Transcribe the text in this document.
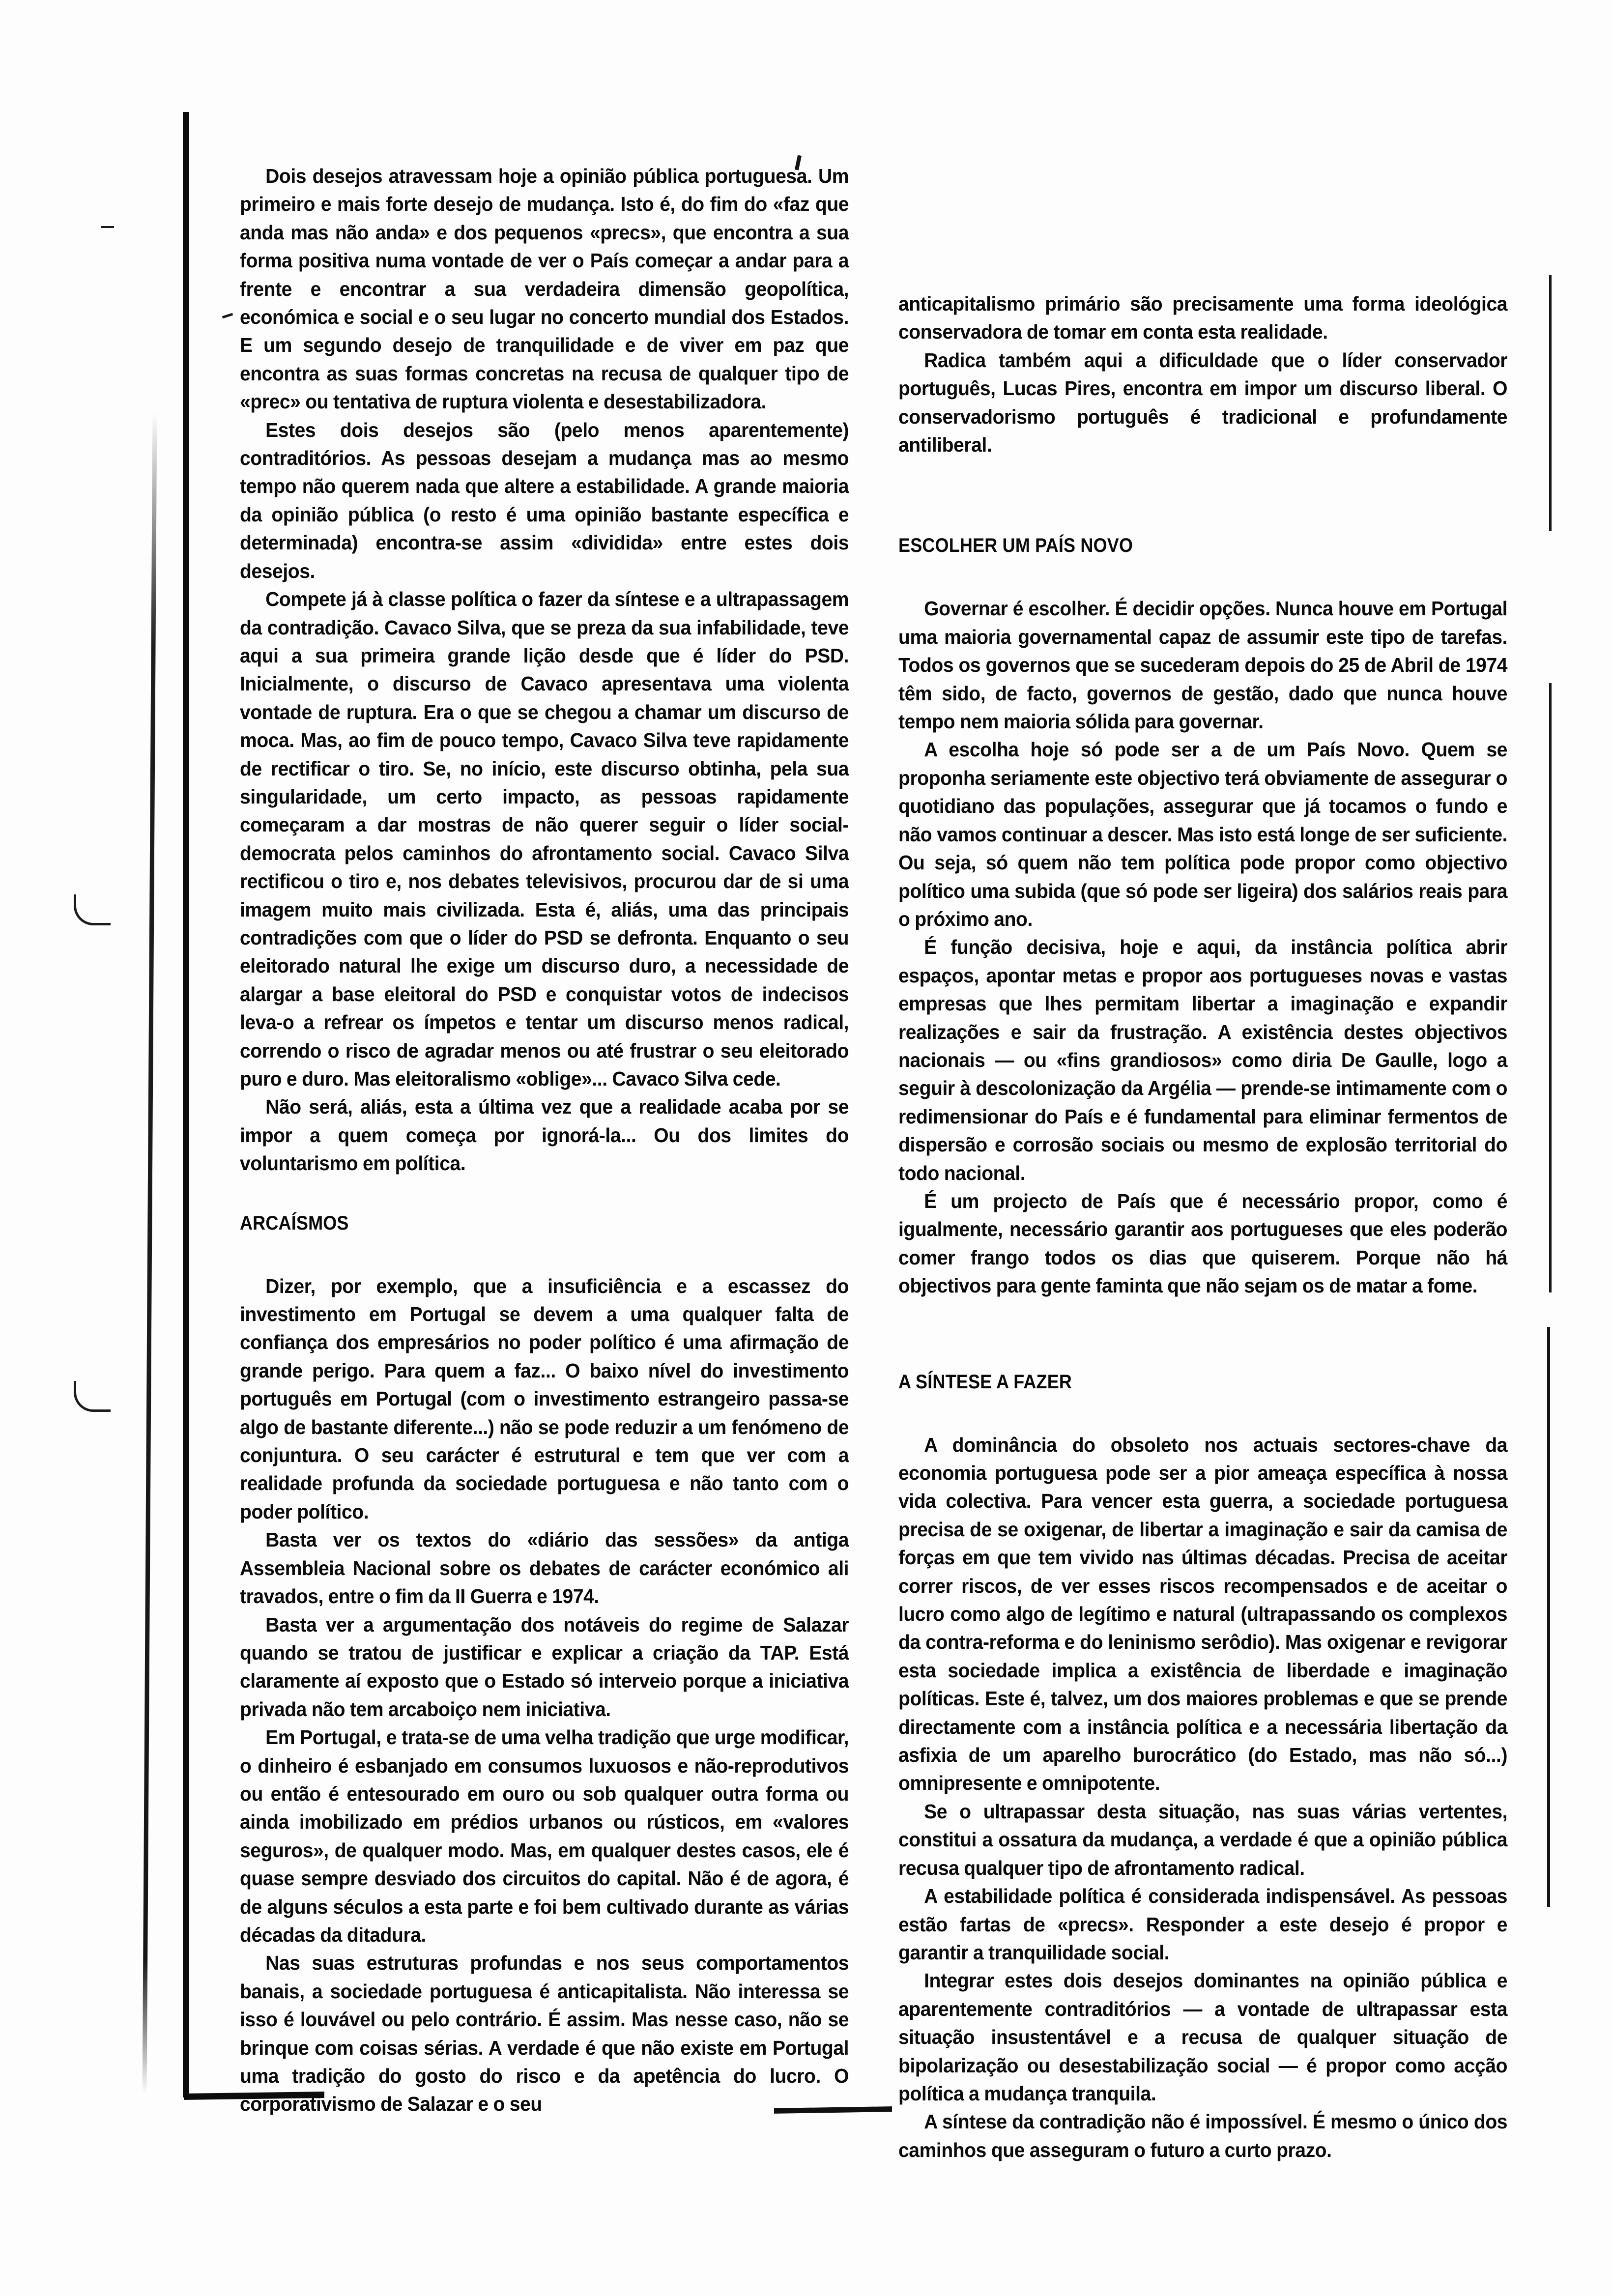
Dois desejos atravessam hoje a opinião pública portuguesa. Um primeiro e mais forte desejo de mudança. Isto é, do fim do «faz que anda mas não anda» e dos pequenos «precs», que encontra a sua forma positiva numa vontade de ver o País começar a andar para a frente e encontrar a sua verdadeira dimensão geopolítica, económica e social e o seu lugar no concerto mundial dos Estados. E um segundo desejo de tranquilidade e de viver em paz que encontra as suas formas concretas na recusa de qualquer tipo de «prec» ou tentativa de ruptura violenta e desestabilizadora.

Estes dois desejos são (pelo menos aparentemente) contraditórios. As pessoas desejam a mudança mas ao mesmo tempo não querem nada que altere a estabilidade. A grande maioria da opinião pública (o resto é uma opinião bastante específica e determinada) encontra-se assim «dividida» entre estes dois desejos.

Compete já à classe política o fazer da síntese e a ultrapassagem da contradição. Cavaco Silva, que se preza da sua infabilidade, teve aqui a sua primeira grande lição desde que é líder do PSD. Inicialmente, o discurso de Cavaco apresentava uma violenta vontade de ruptura. Era o que se chegou a chamar um discurso de moca. Mas, ao fim de pouco tempo, Cavaco Silva teve rapidamente de rectificar o tiro. Se, no início, este discurso obtinha, pela sua singularidade, um certo impacto, as pessoas rapidamente começaram a dar mostras de não querer seguir o líder social-democrata pelos caminhos do afrontamento social. Cavaco Silva rectificou o tiro e, nos debates televisivos, procurou dar de si uma imagem muito mais civilizada. Esta é, aliás, uma das principais contradições com que o líder do PSD se defronta. Enquanto o seu eleitorado natural lhe exige um discurso duro, a necessidade de alargar a base eleitoral do PSD e conquistar votos de indecisos leva-o a refrear os ímpetos e tentar um discurso menos radical, correndo o risco de agradar menos ou até frustrar o seu eleitorado puro e duro. Mas eleitoralismo «oblige»... Cavaco Silva cede.

Não será, aliás, esta a última vez que a realidade acaba por se impor a quem começa por ignorá-la... Ou dos limites do voluntarismo em política.

ARCAÍSMOS

Dizer, por exemplo, que a insuficiência e a escassez do investimento em Portugal se devem a uma qualquer falta de confiança dos empresários no poder político é uma afirmação de grande perigo. Para quem a faz... O baixo nível do investimento português em Portugal (com o investimento estrangeiro passa-se algo de bastante diferente...) não se pode reduzir a um fenómeno de conjuntura. O seu carácter é estrutural e tem que ver com a realidade profunda da sociedade portuguesa e não tanto com o poder político.

Basta ver os textos do «diário das sessões» da antiga Assembleia Nacional sobre os debates de carácter económico ali travados, entre o fim da II Guerra e 1974.

Basta ver a argumentação dos notáveis do regime de Salazar quando se tratou de justificar e explicar a criação da TAP. Está claramente aí exposto que o Estado só interveio porque a iniciativa privada não tem arcaboiço nem iniciativa.

Em Portugal, e trata-se de uma velha tradição que urge modificar, o dinheiro é esbanjado em consumos luxuosos e não-reprodutivos ou então é entesourado em ouro ou sob qualquer outra forma ou ainda imobilizado em prédios urbanos ou rústicos, em «valores seguros», de qualquer modo. Mas, em qualquer destes casos, ele é quase sempre desviado dos circuitos do capital. Não é de agora, é de alguns séculos a esta parte e foi bem cultivado durante as várias décadas da ditadura.

Nas suas estruturas profundas e nos seus comportamentos banais, a sociedade portuguesa é anticapitalista. Não interessa se isso é louvável ou pelo contrário. É assim. Mas nesse caso, não se brinque com coisas sérias. A verdade é que não existe em Portugal uma tradição do gosto do risco e da apetência do lucro. O corporativismo de Salazar e o seu

anticapitalismo primário são precisamente uma forma ideológica conservadora de tomar em conta esta realidade.

Radica também aqui a dificuldade que o líder conservador português, Lucas Pires, encontra em impor um discurso liberal. O conservadorismo português é tradicional e profundamente antiliberal.

ESCOLHER UM PAÍS NOVO

Governar é escolher. É decidir opções. Nunca houve em Portugal uma maioria governamental capaz de assumir este tipo de tarefas. Todos os governos que se sucederam depois do 25 de Abril de 1974 têm sido, de facto, governos de gestão, dado que nunca houve tempo nem maioria sólida para governar.

A escolha hoje só pode ser a de um País Novo. Quem se proponha seriamente este objectivo terá obviamente de assegurar o quotidiano das populações, assegurar que já tocamos o fundo e não vamos continuar a descer. Mas isto está longe de ser suficiente. Ou seja, só quem não tem política pode propor como objectivo político uma subida (que só pode ser ligeira) dos salários reais para o próximo ano.

É função decisiva, hoje e aqui, da instância política abrir espaços, apontar metas e propor aos portugueses novas e vastas empresas que lhes permitam libertar a imaginação e expandir realizações e sair da frustração. A existência destes objectivos nacionais — ou «fins grandiosos» como diria De Gaulle, logo a seguir à descolonização da Argélia — prende-se intimamente com o redimensionar do País e é fundamental para eliminar fermentos de dispersão e corrosão sociais ou mesmo de explosão territorial do todo nacional.

É um projecto de País que é necessário propor, como é igualmente, necessário garantir aos portugueses que eles poderão comer frango todos os dias que quiserem. Porque não há objectivos para gente faminta que não sejam os de matar a fome.

A SÍNTESE A FAZER

A dominância do obsoleto nos actuais sectores-chave da economia portuguesa pode ser a pior ameaça específica à nossa vida colectiva. Para vencer esta guerra, a sociedade portuguesa precisa de se oxigenar, de libertar a imaginação e sair da camisa de forças em que tem vivido nas últimas décadas. Precisa de aceitar correr riscos, de ver esses riscos recompensados e de aceitar o lucro como algo de legítimo e natural (ultrapassando os complexos da contra-reforma e do leninismo serôdio). Mas oxigenar e revigorar esta sociedade implica a existência de liberdade e imaginação políticas. Este é, talvez, um dos maiores problemas e que se prende directamente com a instância política e a necessária libertação da asfixia de um aparelho burocrático (do Estado, mas não só...) omnipresente e omnipotente.

Se o ultrapassar desta situação, nas suas várias vertentes, constitui a ossatura da mudança, a verdade é que a opinião pública recusa qualquer tipo de afrontamento radical.

A estabilidade política é considerada indispensável. As pessoas estão fartas de «precs». Responder a este desejo é propor e garantir a tranquilidade social.

Integrar estes dois desejos dominantes na opinião pública e aparentemente contraditórios — a vontade de ultrapassar esta situação insustentável e a recusa de qualquer situação de bipolarização ou desestabilização social — é propor como acção política a mudança tranquila.

A síntese da contradição não é impossível. É mesmo o único dos caminhos que asseguram o futuro a curto prazo.
